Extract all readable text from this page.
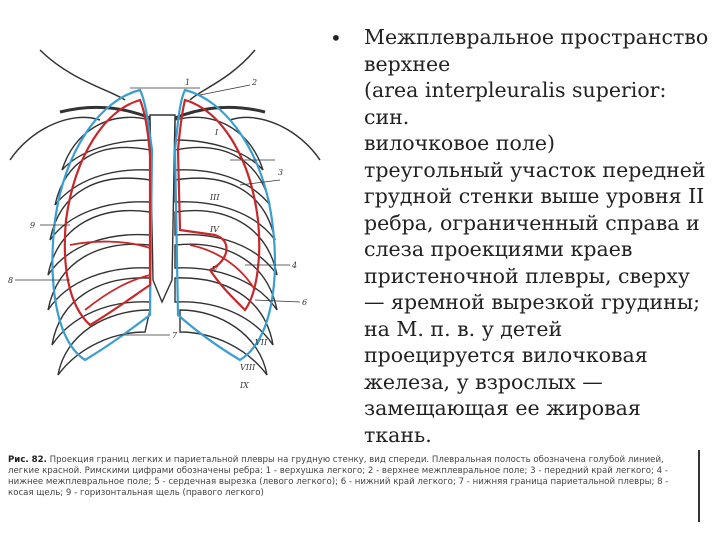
1	2
3
4
6
7
9
8
I
III
IV
V
VII
VIII
IX
• Межплевральное пространство
верхнее
(area interpleuralis superior: син.
вилочковое поле)
треугольный участок передней
грудной стенки выше уровня II
ребра, ограниченный справа и
слеза проекциями краев
пристеночной плевры, сверху
— яремной вырезкой грудины;
на М. п. в. у детей
проецируется вилочковая
железа, у взрослых —
замещающая ее жировая ткань.

Рис. 82. Проекция границ легких и париетальной плевры на грудную стенку, вид спереди. Плевральная полость обозначена голубой линией, легкие красной. Римскими цифрами обозначены ребра: 1 - верхушка легкого; 2 - верхнее межплевральное поле; 3 - передний край легкого; 4 - нижнее межплевральное поле; 5 - сердечная вырезка (левого легкого); 6 - нижний край легкого; 7 - нижняя граница париетальной плевры; 8 - косая щель; 9 - горизонтальная щель (правого легкого)
